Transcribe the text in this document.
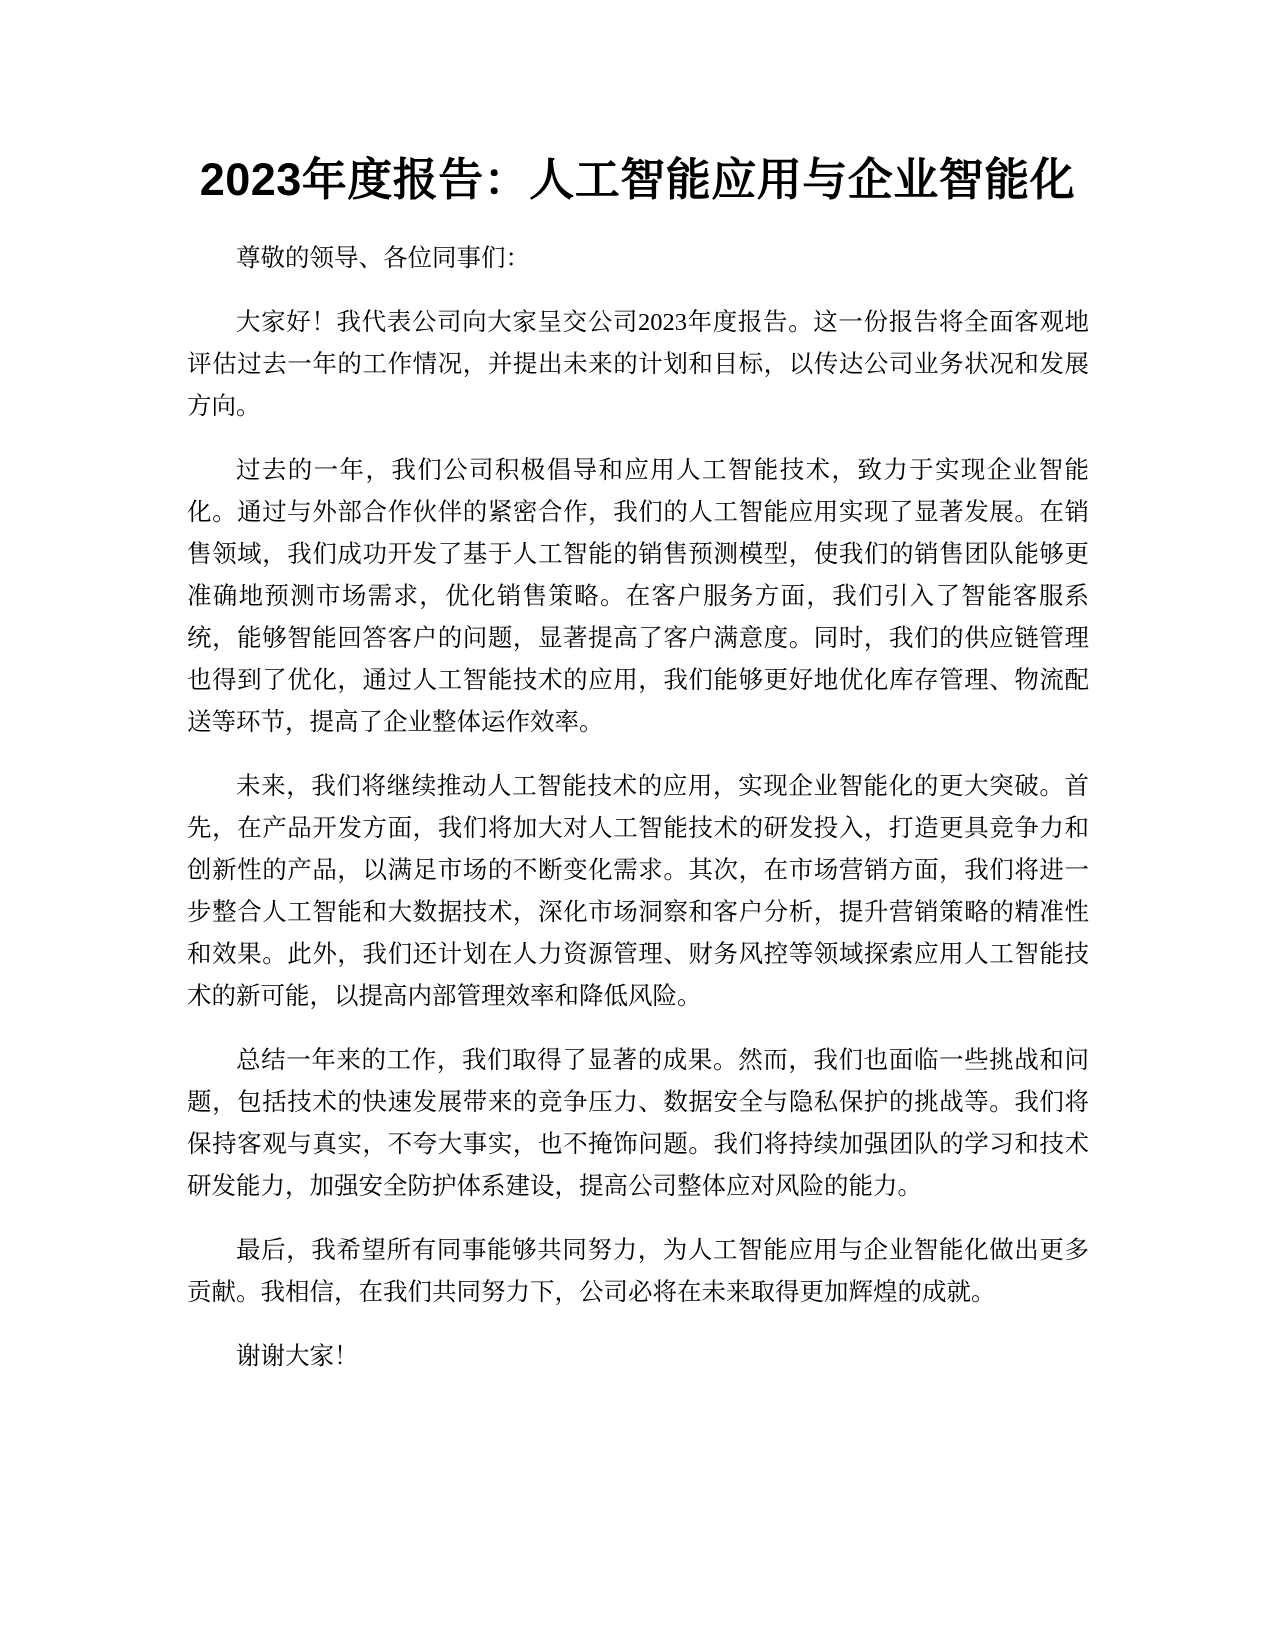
2023年度报告：人工智能应用与企业智能化

尊敬的领导、各位同事们：

大家好！我代表公司向大家呈交公司2023年度报告。这一份报告将全面客观地评估过去一年的工作情况，并提出未来的计划和目标，以传达公司业务状况和发展方向。

过去的一年，我们公司积极倡导和应用人工智能技术，致力于实现企业智能化。通过与外部合作伙伴的紧密合作，我们的人工智能应用实现了显著发展。在销售领域，我们成功开发了基于人工智能的销售预测模型，使我们的销售团队能够更准确地预测市场需求，优化销售策略。在客户服务方面，我们引入了智能客服系统，能够智能回答客户的问题，显著提高了客户满意度。同时，我们的供应链管理也得到了优化，通过人工智能技术的应用，我们能够更好地优化库存管理、物流配送等环节，提高了企业整体运作效率。

未来，我们将继续推动人工智能技术的应用，实现企业智能化的更大突破。首先，在产品开发方面，我们将加大对人工智能技术的研发投入，打造更具竞争力和创新性的产品，以满足市场的不断变化需求。其次，在市场营销方面，我们将进一步整合人工智能和大数据技术，深化市场洞察和客户分析，提升营销策略的精准性和效果。此外，我们还计划在人力资源管理、财务风控等领域探索应用人工智能技术的新可能，以提高内部管理效率和降低风险。

总结一年来的工作，我们取得了显著的成果。然而，我们也面临一些挑战和问题，包括技术的快速发展带来的竞争压力、数据安全与隐私保护的挑战等。我们将保持客观与真实，不夸大事实，也不掩饰问题。我们将持续加强团队的学习和技术研发能力，加强安全防护体系建设，提高公司整体应对风险的能力。

最后，我希望所有同事能够共同努力，为人工智能应用与企业智能化做出更多贡献。我相信，在我们共同努力下，公司必将在未来取得更加辉煌的成就。

谢谢大家！
